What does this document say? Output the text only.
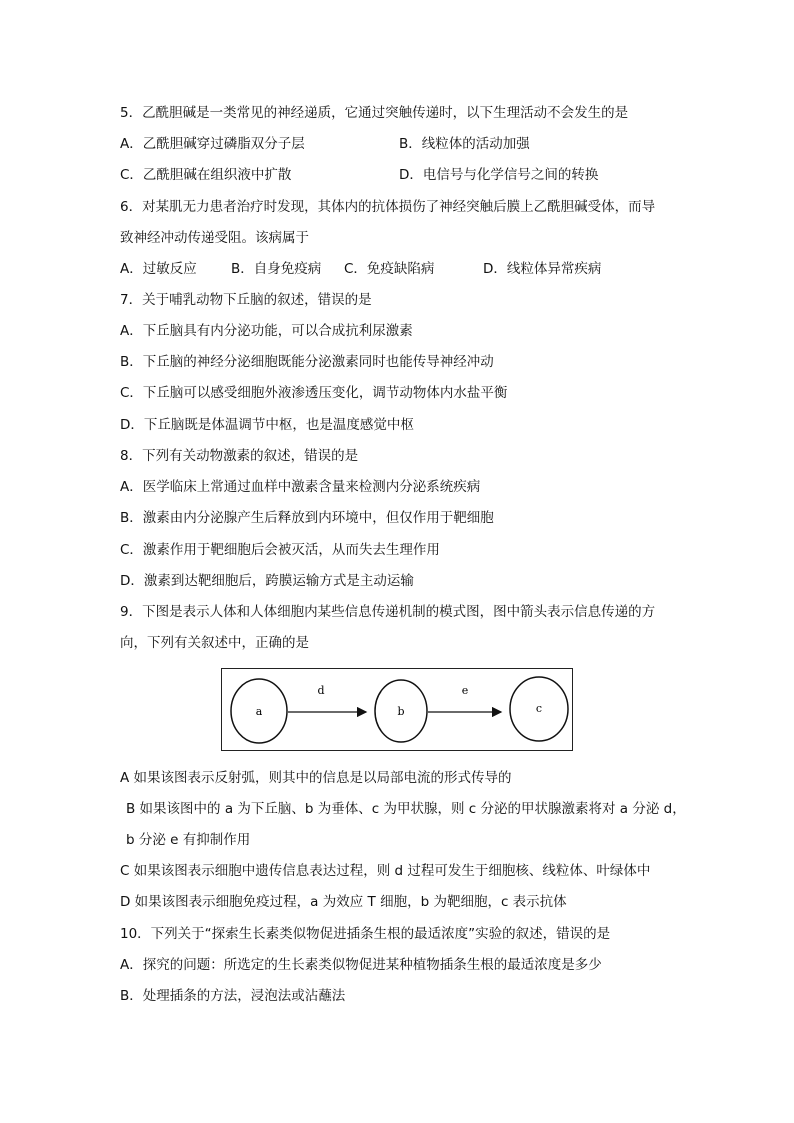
5．乙酰胆碱是一类常见的神经递质，它通过突触传递时，以下生理活动不会发生的是
A．乙酰胆碱穿过磷脂双分子层	B．线粒体的活动加强
C．乙酰胆碱在组织液中扩散	D．电信号与化学信号之间的转换
6．对某肌无力患者治疗时发现，其体内的抗体损伤了神经突触后膜上乙酰胆碱受体，而导
致神经冲动传递受阻。该病属于
A．过敏反应	B．自身免疫病 C．免疫缺陷病	D．线粒体异常疾病
7．关于哺乳动物下丘脑的叙述，错误的是
A．下丘脑具有内分泌功能，可以合成抗利尿激素
B．下丘脑的神经分泌细胞既能分泌激素同时也能传导神经冲动
C．下丘脑可以感受细胞外液渗透压变化，调节动物体内水盐平衡
D．下丘脑既是体温调节中枢，也是温度感觉中枢
8．下列有关动物激素的叙述，错误的是
A．医学临床上常通过血样中激素含量来检测内分泌系统疾病
B．激素由内分泌腺产生后释放到内环境中，但仅作用于靶细胞
C．激素作用于靶细胞后会被灭活，从而失去生理作用
D．激素到达靶细胞后，跨膜运输方式是主动运输
9．下图是表示人体和人体细胞内某些信息传递机制的模式图，图中箭头表示信息传递的方
向，下列有关叙述中，正确的是
a
d
b
e
c
A 如果该图表示反射弧，则其中的信息是以局部电流的形式传导的
B 如果该图中的 a 为下丘脑、b 为垂体、c 为甲状腺，则 c 分泌的甲状腺激素将对 a 分泌 d，
b 分泌 e 有抑制作用
C 如果该图表示细胞中遗传信息表达过程，则 d 过程可发生于细胞核、线粒体、叶绿体中
D 如果该图表示细胞免疫过程，a 为效应 T 细胞，b 为靶细胞，c 表示抗体
10．下列关于“探索生长素类似物促进插条生根的最适浓度”实验的叙述，错误的是
A．探究的问题：所选定的生长素类似物促进某种植物插条生根的最适浓度是多少
B．处理插条的方法，浸泡法或沾蘸法
